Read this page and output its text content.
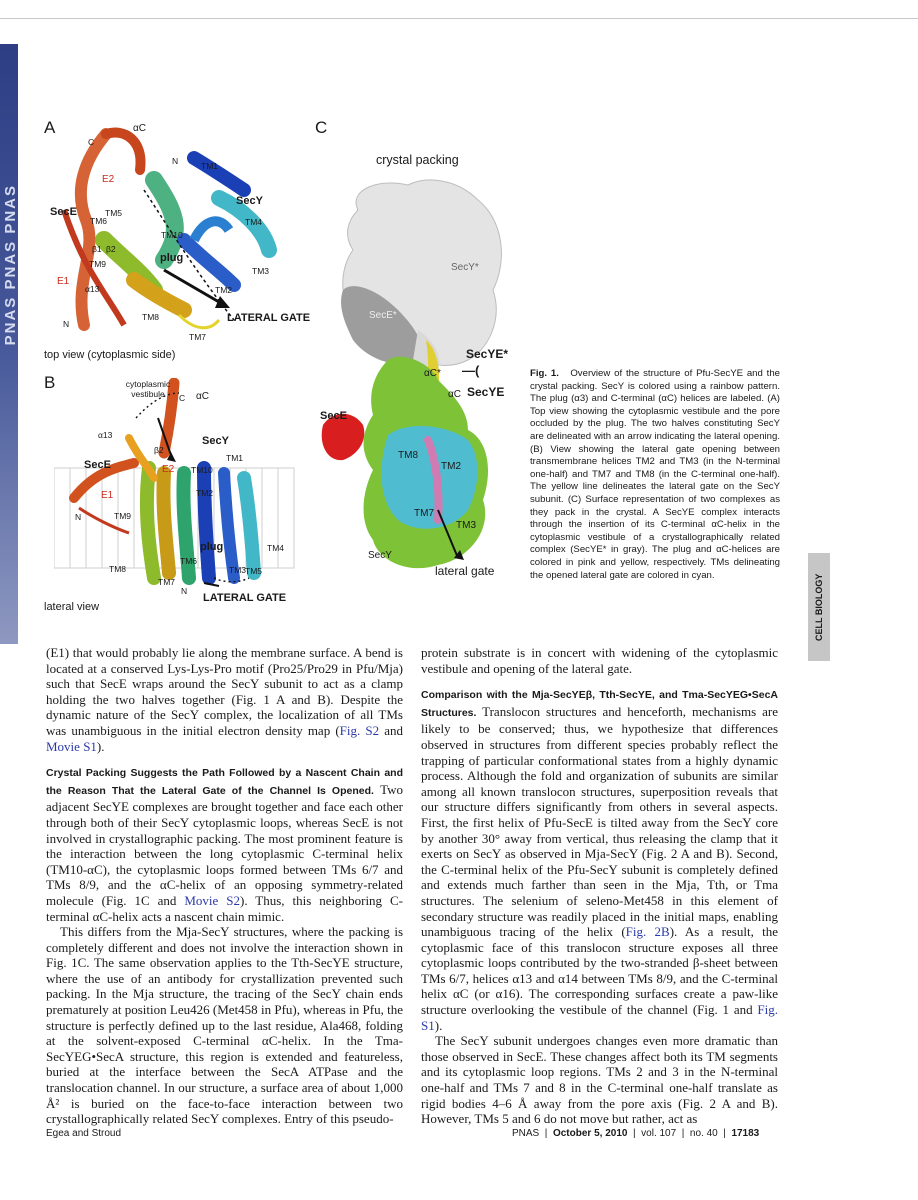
PNAS PNAS PNAS
A	αC
C
N	TM1
E2
SecE
SecY
TM5
TM6
TM10
TM4
β1 β2
plug
TM9
E1
α13
TM3
TM2
TM8
N	LATERAL GATE
TM7
top view (cytoplasmic side)
B	cytoplasmic vestibule	C αC
α13
β2
SecY
SecE	E2 TM10
TM1
E1	TM2
N	TM9
plug
TM6
TM8
TM4
TM3 TM5
TM7
N
LATERAL GATE
lateral view
C
crystal packing
SecY*
SecE*
SecYE*
αC* —(
αC SecYE
SecE
TM8
TM2
TM7
TM3
SecY
lateral gate
Fig. 1. Overview of the structure of Pfu-SecYE and the crystal packing. SecY is colored using a rainbow pattern. The plug (α3) and C-terminal (αC) helices are labeled. (A) Top view showing the cytoplasmic vestibule and the pore occluded by the plug. The two halves constituting SecY are delineated with an arrow indicating the lateral opening. (B) View showing the lateral gate opening between transmembrane helices TM2 and TM3 (in the N-terminal one-half) and TM7 and TM8 (in the C-terminal one-half). The yellow line delineates the lateral gate on the SecY subunit. (C) Surface representation of two complexes as they pack in the crystal. A SecYE complex interacts through the insertion of its C-terminal αC-helix in the cytoplasmic vestibule of a crystallographically related complex (SecYE* in gray). The plug and αC-helices are colored in pink and yellow, respectively. TMs delineating the opened lateral gate are colored in cyan.	CELL BIOLOGY

(E1) that would probably lie along the membrane surface. A bend is located at a conserved Lys-Lys-Pro motif (Pro25/Pro29 in Pfu/Mja) such that SecE wraps around the SecY subunit to act as a clamp holding the two halves together (Fig. 1 A and B). Despite the dynamic nature of the SecY complex, the localization of all TMs was unambiguous in the initial electron density map (Fig. S2 and Movie S1).

Crystal Packing Suggests the Path Followed by a Nascent Chain and the Reason That the Lateral Gate of the Channel Is Opened. Two adjacent SecYE complexes are brought together and face each other through both of their SecY cytoplasmic loops, whereas SecE is not involved in crystallographic packing. The most prominent feature is the interaction between the long cytoplasmic C-terminal helix (TM10-αC), the cytoplasmic loops formed between TMs 6/7 and TMs 8/9, and the αC-helix of an opposing symmetry-related molecule (Fig. 1C and Movie S2). Thus, this neighboring C-terminal αC-helix acts a nascent chain mimic.

This differs from the Mja-SecY structures, where the packing is completely different and does not involve the interaction shown in Fig. 1C. The same observation applies to the Tth-SecYE structure, where the use of an antibody for crystallization prevented such packing. In the Mja structure, the tracing of the SecY chain ends prematurely at position Leu426 (Met458 in Pfu), whereas in Pfu, the structure is perfectly defined up to the last residue, Ala468, folding at the solvent-exposed C-terminal αC-helix. In the Tma-SecYEG•SecA structure, this region is extended and featureless, buried at the interface between the SecA ATPase and the translocation channel. In our structure, a surface area of about 1,000 Å² is buried on the face-to-face interaction between two crystallographically related SecY complexes. Entry of this pseudo-

protein substrate is in concert with widening of the cytoplasmic vestibule and opening of the lateral gate.

Comparison with the Mja-SecYEβ, Tth-SecYE, and Tma-SecYEG•SecA Structures. Translocon structures and henceforth, mechanisms are likely to be conserved; thus, we hypothesize that differences observed in structures from different species probably reflect the trapping of particular conformational states from a highly dynamic process. Although the fold and organization of subunits are similar among all known translocon structures, superposition reveals that our structure differs significantly from others in several aspects. First, the first helix of Pfu-SecE is tilted away from the SecY core by another 30° away from vertical, thus releasing the clamp that it exerts on SecY as observed in Mja-SecY (Fig. 2 A and B). Second, the C-terminal helix of the Pfu-SecY subunit is completely defined and extends much farther than seen in the Mja, Tth, or Tma structures. The selenium of seleno-Met458 in this element of secondary structure was readily placed in the initial maps, enabling unambiguous tracing of the helix (Fig. 2B). As a result, the cytoplasmic face of this translocon structure exposes all three cytoplasmic loops contributed by the two-stranded β-sheet between TMs 6/7, helices α13 and α14 between TMs 8/9, and the C-terminal helix αC (or α16). The corresponding surfaces create a paw-like structure overlooking the vestibule of the channel (Fig. 1 and Fig. S1).

The SecY subunit undergoes changes even more dramatic than those observed in SecE. These changes affect both its TM segments and its cytoplasmic loop regions. TMs 2 and 3 in the N-terminal one-half and TMs 7 and 8 in the C-terminal one-half translate as rigid bodies 4–6 Å away from the pore axis (Fig. 2 A and B). However, TMs 5 and 6 do not move but rather, act as

Egea and Stroud	PNAS  |  October 5, 2010  |  vol. 107  |  no. 40  |  17183
